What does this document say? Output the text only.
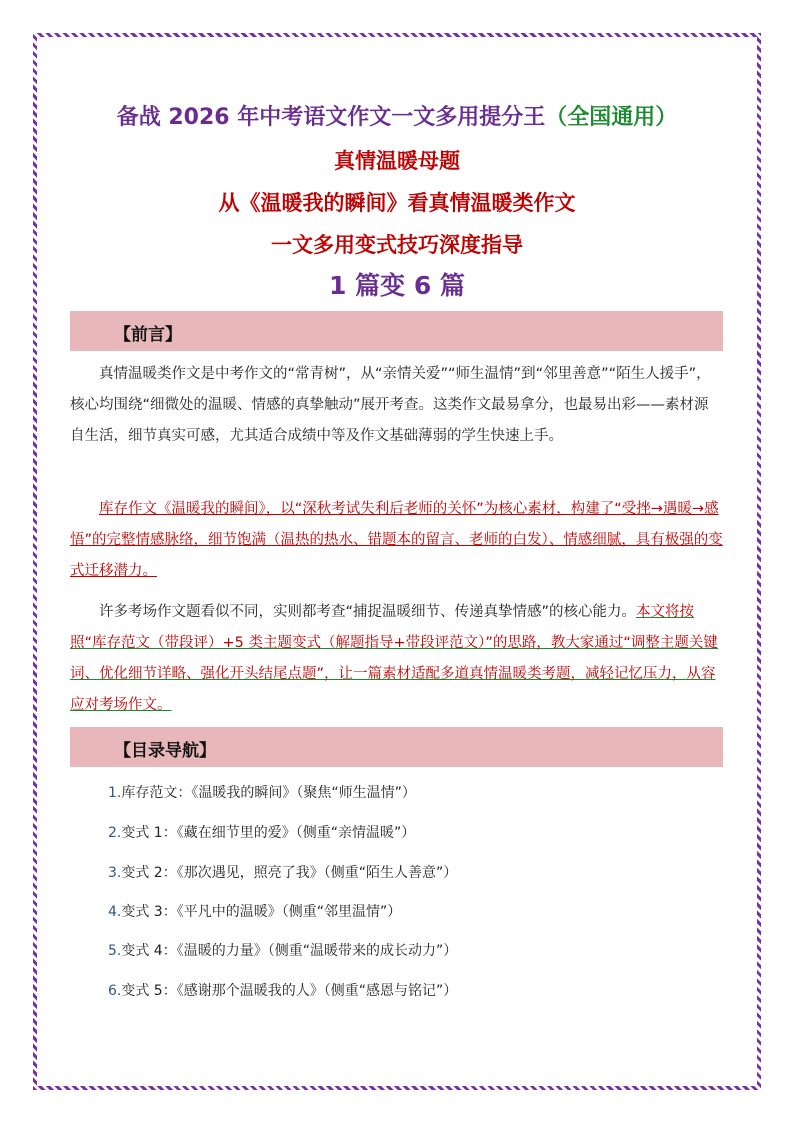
备战 2026 年中考语文作文一文多用提分王（全国通用）
真情温暖母题
从《温暖我的瞬间》看真情温暖类作文
一文多用变式技巧深度指导
1 篇变 6 篇
【前言】

真情温暖类作文是中考作文的“常青树”，从“亲情关爱”“师生温情”到“邻里善意”“陌生人援手”，核心均围绕“细微处的温暖、情感的真挚触动”展开考查。这类作文最易拿分，也最易出彩——素材源自生活，细节真实可感，尤其适合成绩中等及作文基础薄弱的学生快速上手。

库存作文《温暖我的瞬间》，以“深秋考试失利后老师的关怀”为核心素材，构建了“受挫→遇暖→感悟”的完整情感脉络，细节饱满（温热的热水、错题本的留言、老师的白发）、情感细腻，具有极强的变式迁移潜力。

许多考场作文题看似不同，实则都考查“捕捉温暖细节、传递真挚情感”的核心能力。本文将按照“库存范文（带段评）+5 类主题变式（解题指导+带段评范文）”的思路，教大家通过“调整主题关键词、优化细节详略、强化开头结尾点题”，让一篇素材适配多道真情温暖类考题，减轻记忆压力，从容应对考场作文。

【目录导航】
1.库存范文：《温暖我的瞬间》（聚焦“师生温情”）
2.变式 1：《藏在细节里的爱》（侧重“亲情温暖”）
3.变式 2：《那次遇见，照亮了我》（侧重“陌生人善意”）
4.变式 3：《平凡中的温暖》（侧重“邻里温情”）
5.变式 4：《温暖的力量》（侧重“温暖带来的成长动力”）
6.变式 5：《感谢那个温暖我的人》（侧重“感恩与铭记”）
